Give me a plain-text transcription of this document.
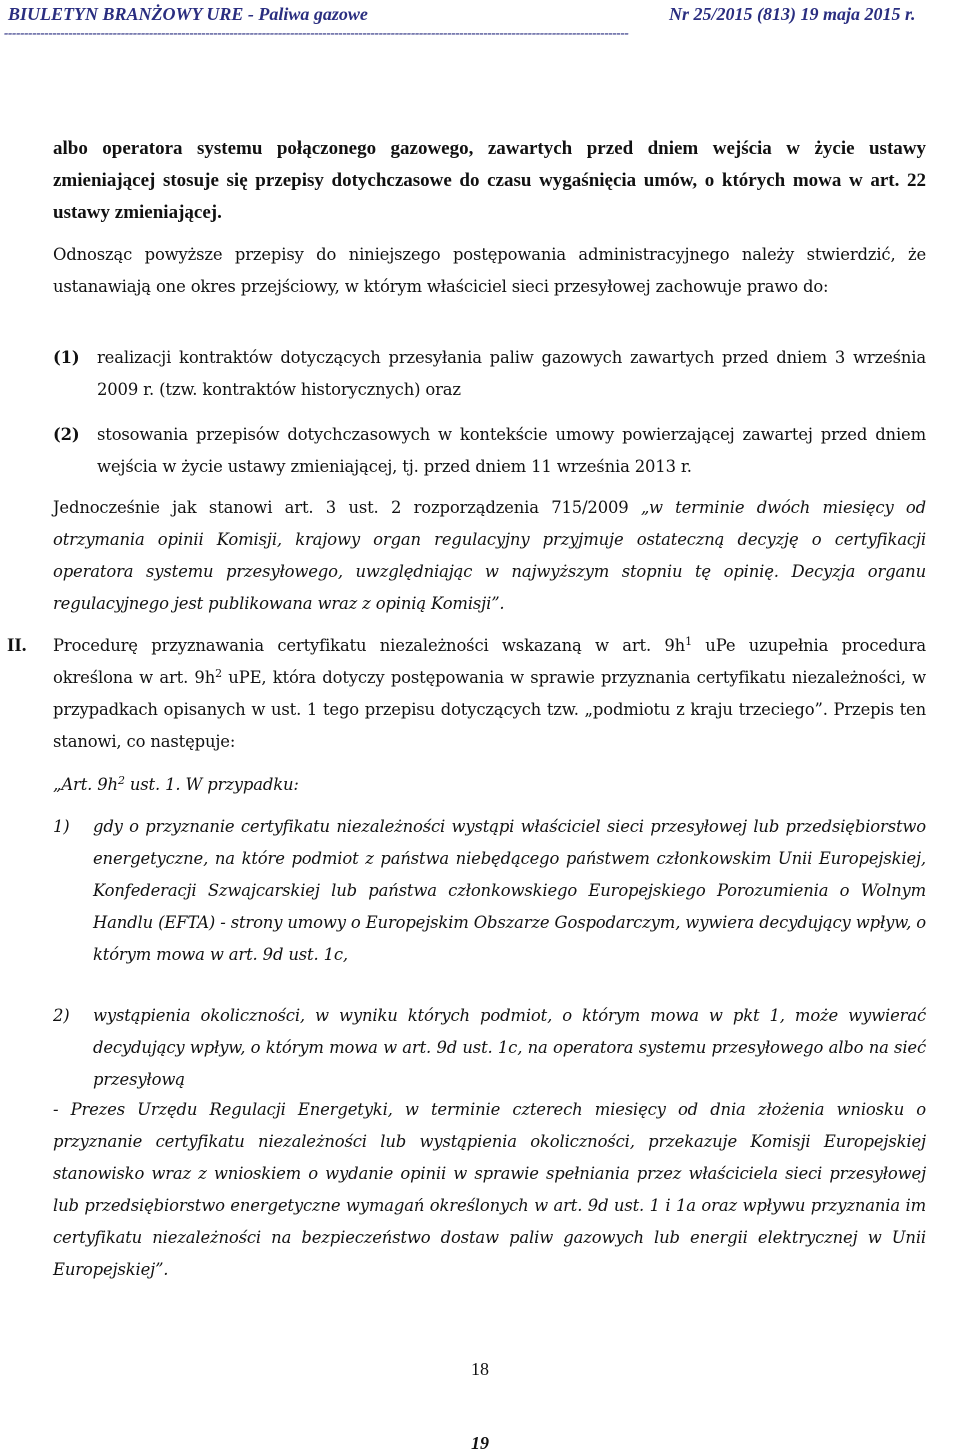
BIULETYN BRANŻOWY URE - Paliwa gazowe	Nr 25/2015 (813) 19 maja 2015 r.
-----------------------------------------------------------------------------------------------------------------------------------------------------------
albo operatora systemu połączonego gazowego, zawartych przed dniem wejścia w życie ustawy zmieniającej stosuje się przepisy dotychczasowe do czasu wygaśnięcia umów, o których mowa w art. 22 ustawy zmieniającej.
Odnosząc powyższe przepisy do niniejszego postępowania administracyjnego należy stwierdzić, że ustanawiają one okres przejściowy, w którym właściciel sieci przesyłowej zachowuje prawo do:
(1) realizacji kontraktów dotyczących przesyłania paliw gazowych zawartych przed dniem 3 września 2009 r. (tzw. kontraktów historycznych) oraz
(2) stosowania przepisów dotychczasowych w kontekście umowy powierzającej zawartej przed dniem wejścia w życie ustawy zmieniającej, tj. przed dniem 11 września 2013 r.
Jednocześnie jak stanowi art. 3 ust. 2 rozporządzenia 715/2009 „w terminie dwóch miesięcy od otrzymania opinii Komisji, krajowy organ regulacyjny przyjmuje ostateczną decyzję o certyfikacji operatora systemu przesyłowego, uwzględniając w najwyższym stopniu tę opinię. Decyzja organu regulacyjnego jest publikowana wraz z opinią Komisji”.
II. Procedurę przyznawania certyfikatu niezależności wskazaną w art. $9h^1$ uPe uzupełnia procedura określona w art. $9h^2$ uPE, która dotyczy postępowania w sprawie przyznania certyfikatu niezależności, w przypadkach opisanych w ust. 1 tego przepisu dotyczących tzw. „podmiotu z kraju trzeciego”. Przepis ten stanowi, co następuje:
„Art. $9h^2$ ust. 1. W przypadku:
1) gdy o przyznanie certyfikatu niezależności wystąpi właściciel sieci przesyłowej lub przedsiębiorstwo energetyczne, na które podmiot z państwa niebędącego państwem członkowskim Unii Europejskiej, Konfederacji Szwajcarskiej lub państwa członkowskiego Europejskiego Porozumienia o Wolnym Handlu (EFTA) - strony umowy o Europejskim Obszarze Gospodarczym, wywiera decydujący wpływ, o którym mowa w art. 9d ust. 1c,
2) wystąpienia okoliczności, w wyniku których podmiot, o którym mowa w pkt 1, może wywierać decydujący wpływ, o którym mowa w art. 9d ust. 1c, na operatora systemu przesyłowego albo na sieć przesyłową
- Prezes Urzędu Regulacji Energetyki, w terminie czterech miesięcy od dnia złożenia wniosku o przyznanie certyfikatu niezależności lub wystąpienia okoliczności, przekazuje Komisji Europejskiej stanowisko wraz z wnioskiem o wydanie opinii w sprawie spełniania przez właściciela sieci przesyłowej lub przedsiębiorstwo energetyczne wymagań określonych w art. 9d ust. 1 i 1a oraz wpływu przyznania im certyfikatu niezależności na bezpieczeństwo dostaw paliw gazowych lub energii elektrycznej w Unii Europejskiej”.
18
19
